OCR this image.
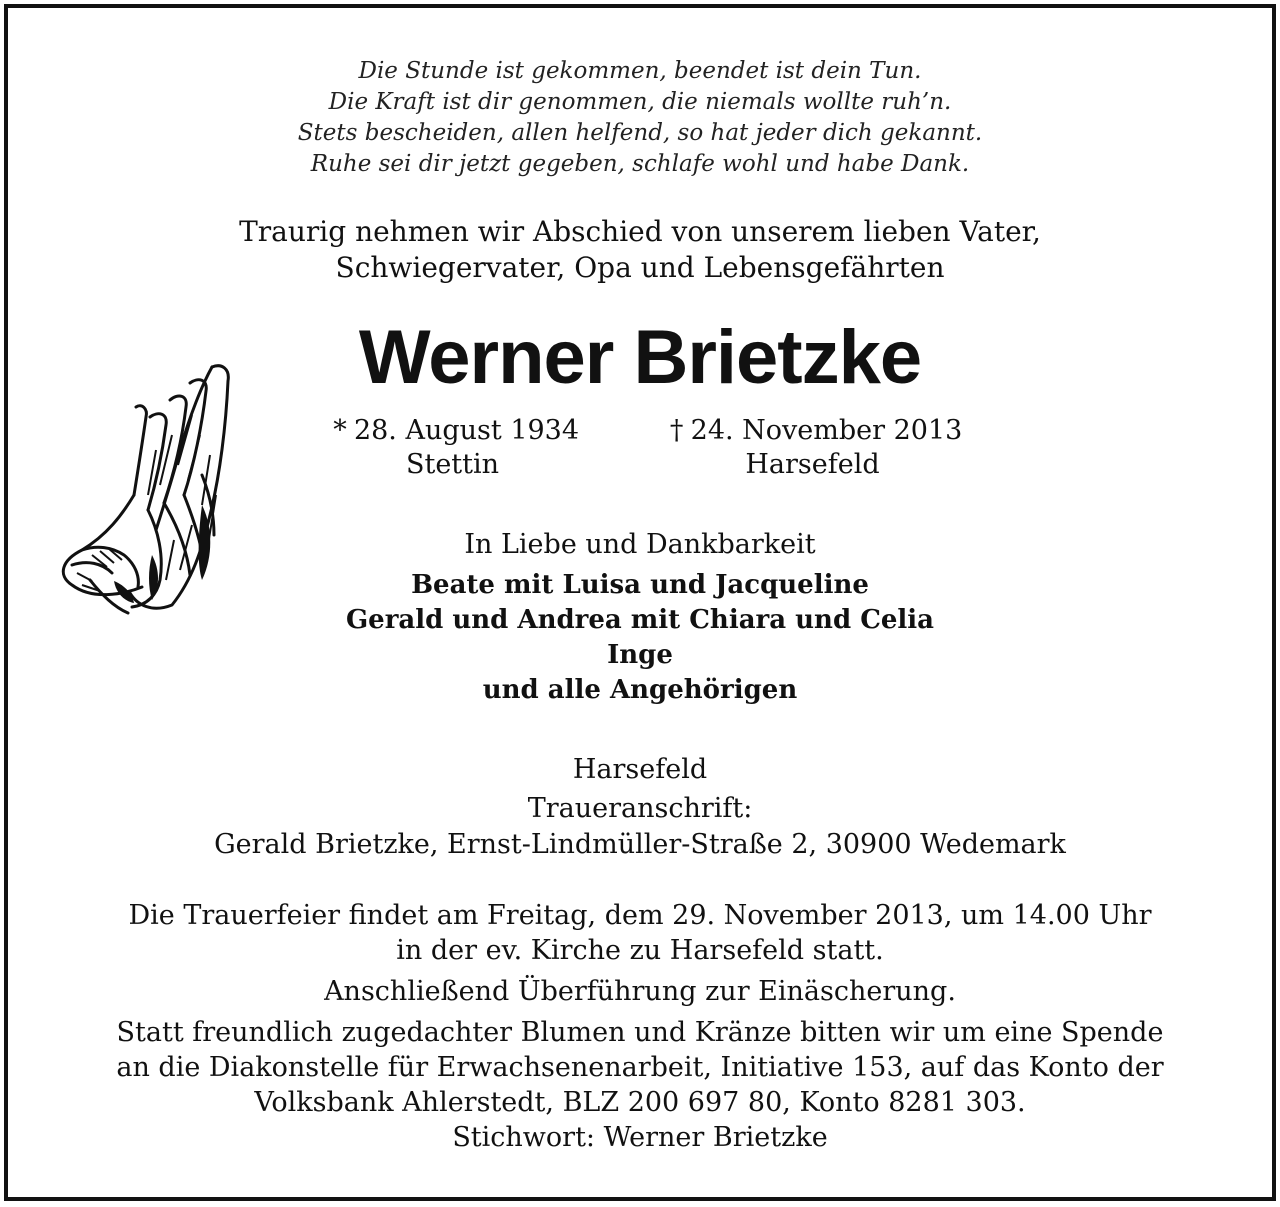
Die Stunde ist gekommen, beendet ist dein Tun.
Die Kraft ist dir genommen, die niemals wollte ruh’n.
Stets bescheiden, allen helfend, so hat jeder dich gekannt.
Ruhe sei dir jetzt gegeben, schlafe wohl und habe Dank.
Traurig nehmen wir Abschied von unserem lieben Vater,
Schwiegervater, Opa und Lebensgefährten
Werner Brietzke
* 28. August 1934
Stettin
† 24. November 2013
Harsefeld
In Liebe und Dankbarkeit
Beate mit Luisa und Jacqueline
Gerald und Andrea mit Chiara und Celia
Inge
und alle Angehörigen
Harsefeld
Traueranschrift:
Gerald Brietzke, Ernst-Lindmüller-Straße 2, 30900 Wedemark
Die Trauerfeier findet am Freitag, dem 29. November 2013, um 14.00 Uhr
in der ev. Kirche zu Harsefeld statt.
Anschließend Überführung zur Einäscherung.
Statt freundlich zugedachter Blumen und Kränze bitten wir um eine Spende
an die Diakonstelle für Erwachsenenarbeit, Initiative 153, auf das Konto der
Volksbank Ahlerstedt, BLZ 200 697 80, Konto 8281 303.
Stichwort: Werner Brietzke
